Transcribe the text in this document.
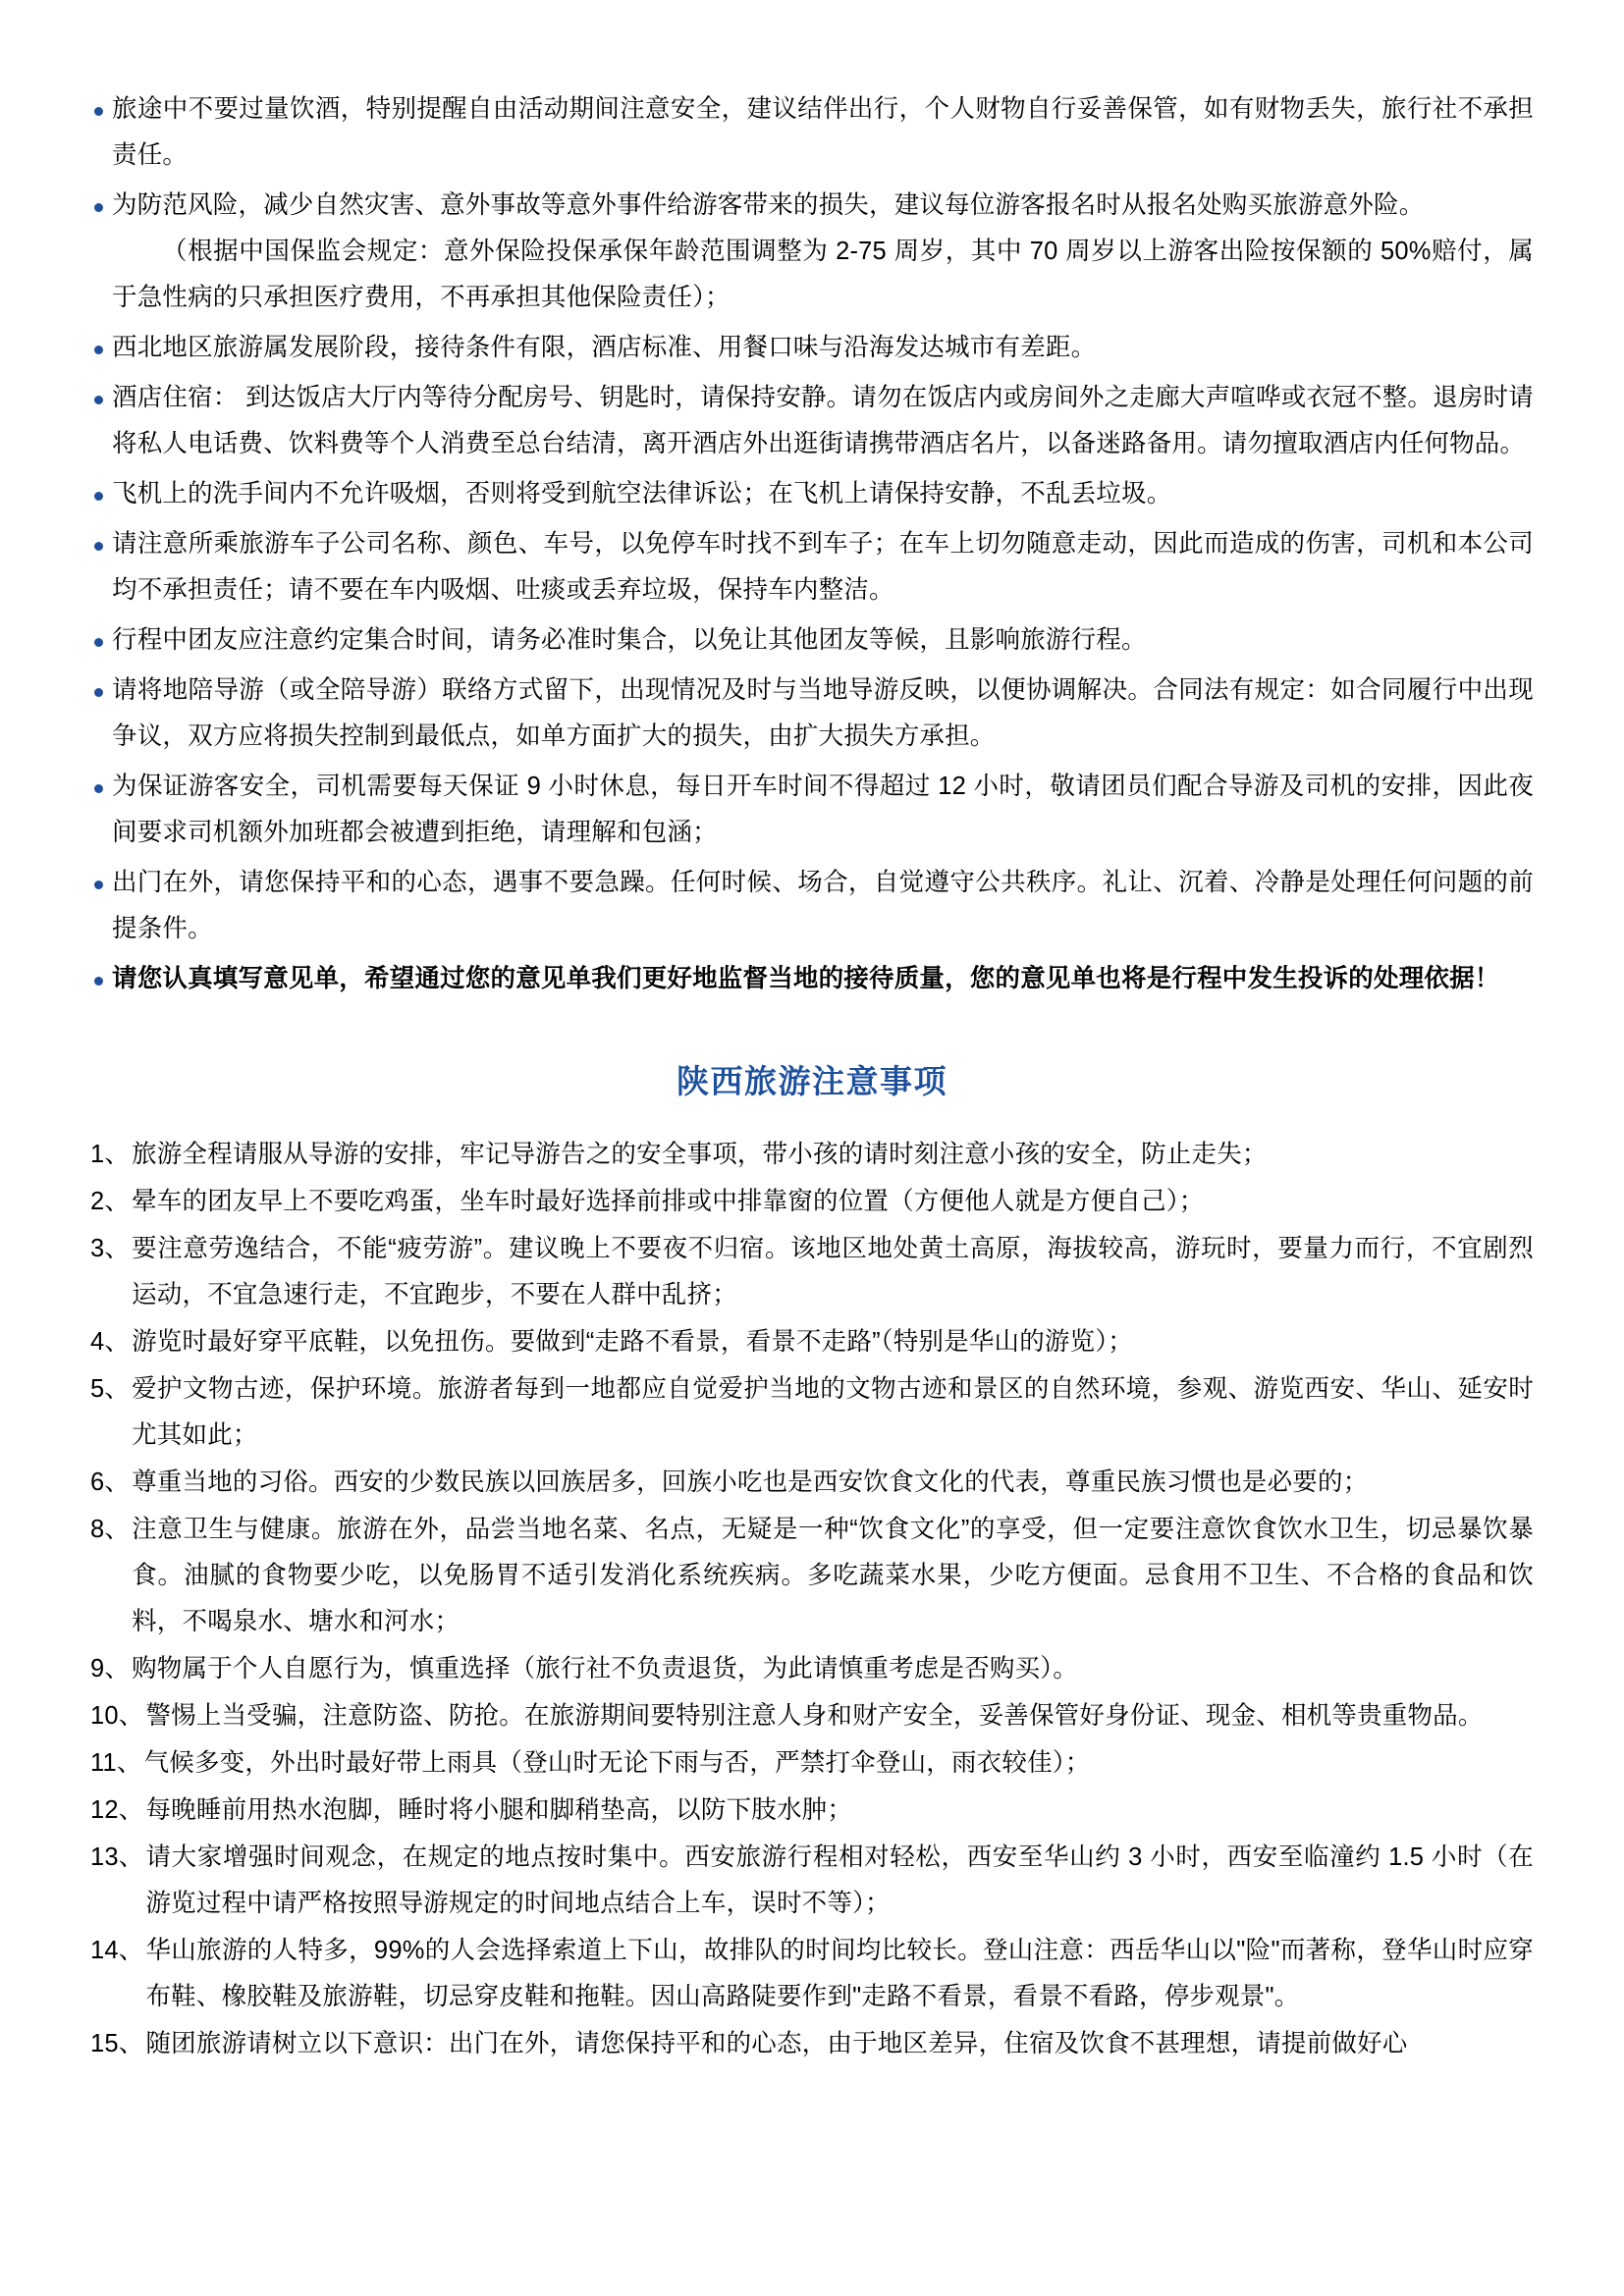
旅途中不要过量饮酒，特别提醒自由活动期间注意安全，建议结伴出行，个人财物自行妥善保管，如有财物丢失，旅行社不承担责任。
为防范风险，减少自然灾害、意外事故等意外事件给游客带来的损失，建议每位游客报名时从报名处购买旅游意外险。
（根据中国保监会规定：意外保险投保承保年龄范围调整为 2-75 周岁，其中 70 周岁以上游客出险按保额的 50%赔付，属于急性病的只承担医疗费用，不再承担其他保险责任）；
西北地区旅游属发展阶段，接待条件有限，酒店标准、用餐口味与沿海发达城市有差距。
酒店住宿： 到达饭店大厅内等待分配房号、钥匙时，请保持安静。请勿在饭店内或房间外之走廊大声喧哗或衣冠不整。退房时请将私人电话费、饮料费等个人消费至总台结清，离开酒店外出逛街请携带酒店名片，以备迷路备用。请勿擅取酒店内任何物品。
飞机上的洗手间内不允许吸烟，否则将受到航空法律诉讼；在飞机上请保持安静，不乱丢垃圾。
请注意所乘旅游车子公司名称、颜色、车号，以免停车时找不到车子；在车上切勿随意走动，因此而造成的伤害，司机和本公司均不承担责任；请不要在车内吸烟、吐痰或丢弃垃圾，保持车内整洁。
行程中团友应注意约定集合时间，请务必准时集合，以免让其他团友等候，且影响旅游行程。
请将地陪导游（或全陪导游）联络方式留下，出现情况及时与当地导游反映，以便协调解决。合同法有规定：如合同履行中出现争议，双方应将损失控制到最低点，如单方面扩大的损失，由扩大损失方承担。
为保证游客安全，司机需要每天保证 9 小时休息，每日开车时间不得超过 12 小时，敬请团员们配合导游及司机的安排，因此夜间要求司机额外加班都会被遭到拒绝，请理解和包涵；
出门在外，请您保持平和的心态，遇事不要急躁。任何时候、场合，自觉遵守公共秩序。礼让、沉着、冷静是处理任何问题的前提条件。
请您认真填写意见单，希望通过您的意见单我们更好地监督当地的接待质量，您的意见单也将是行程中发生投诉的处理依据！
陕西旅游注意事项
1、 旅游全程请服从导游的安排，牢记导游告之的安全事项，带小孩的请时刻注意小孩的安全，防止走失；
2、 晕车的团友早上不要吃鸡蛋，坐车时最好选择前排或中排靠窗的位置（方便他人就是方便自己）；
3、 要注意劳逸结合，不能“疲劳游”。建议晚上不要夜不归宿。该地区地处黄土高原，海拔较高，游玩时，要量力而行，不宜剧烈运动，不宜急速行走，不宜跑步，不要在人群中乱挤；
4、 游览时最好穿平底鞋，以免扭伤。要做到“走路不看景，看景不走路”（特别是华山的游览）；
5、 爱护文物古迹，保护环境。旅游者每到一地都应自觉爱护当地的文物古迹和景区的自然环境，参观、游览西安、华山、延安时尤其如此；
6、 尊重当地的习俗。西安的少数民族以回族居多，回族小吃也是西安饮食文化的代表，尊重民族习惯也是必要的；
8、 注意卫生与健康。旅游在外，品尝当地名菜、名点，无疑是一种“饮食文化”的享受，但一定要注意饮食饮水卫生，切忌暴饮暴食。油腻的食物要少吃，以免肠胃不适引发消化系统疾病。多吃蔬菜水果，少吃方便面。忌食用不卫生、不合格的食品和饮料，不喝泉水、塘水和河水；
9、 购物属于个人自愿行为，慎重选择（旅行社不负责退货，为此请慎重考虑是否购买）。
10、 警惕上当受骗，注意防盗、防抢。在旅游期间要特别注意人身和财产安全，妥善保管好身份证、现金、相机等贵重物品。
11、 气候多变，外出时最好带上雨具（登山时无论下雨与否，严禁打伞登山，雨衣较佳）；
12、 每晚睡前用热水泡脚，睡时将小腿和脚稍垫高，以防下肢水肿；
13、 请大家增强时间观念，在规定的地点按时集中。西安旅游行程相对轻松，西安至华山约 3 小时，西安至临潼约 1.5 小时（在游览过程中请严格按照导游规定的时间地点结合上车，误时不等）；
14、 华山旅游的人特多，99%的人会选择索道上下山，故排队的时间均比较长。登山注意：西岳华山以"险"而著称，登华山时应穿布鞋、橡胶鞋及旅游鞋，切忌穿皮鞋和拖鞋。因山高路陡要作到"走路不看景，看景不看路，停步观景"。
15、 随团旅游请树立以下意识：出门在外，请您保持平和的心态，由于地区差异，住宿及饮食不甚理想，请提前做好心
